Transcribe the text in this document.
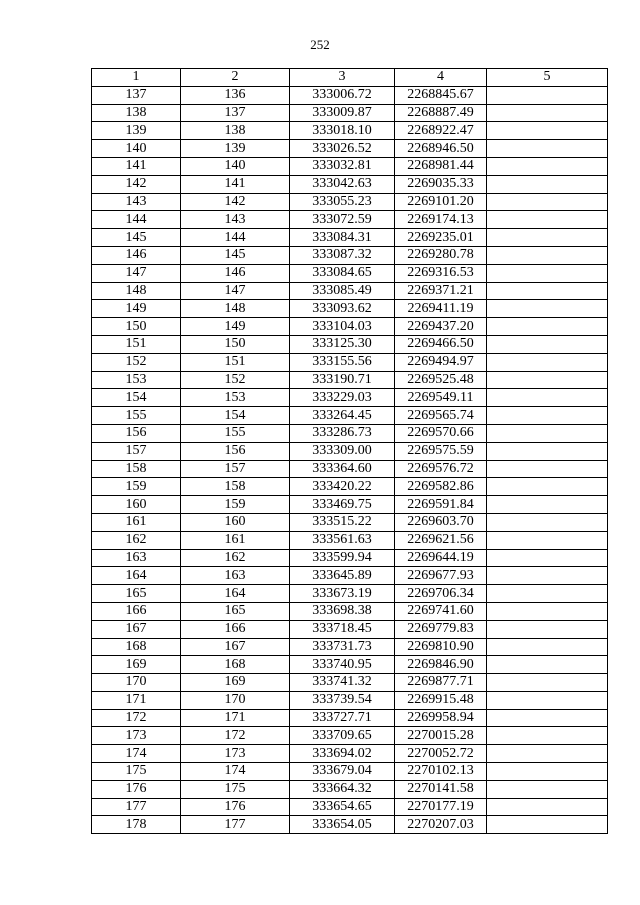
252
1	2	3	4	5
137	136	333006.72	2268845.67	
138	137	333009.87	2268887.49	
139	138	333018.10	2268922.47	
140	139	333026.52	2268946.50	
141	140	333032.81	2268981.44	
142	141	333042.63	2269035.33	
143	142	333055.23	2269101.20	
144	143	333072.59	2269174.13	
145	144	333084.31	2269235.01	
146	145	333087.32	2269280.78	
147	146	333084.65	2269316.53	
148	147	333085.49	2269371.21	
149	148	333093.62	2269411.19	
150	149	333104.03	2269437.20	
151	150	333125.30	2269466.50	
152	151	333155.56	2269494.97	
153	152	333190.71	2269525.48	
154	153	333229.03	2269549.11	
155	154	333264.45	2269565.74	
156	155	333286.73	2269570.66	
157	156	333309.00	2269575.59	
158	157	333364.60	2269576.72	
159	158	333420.22	2269582.86	
160	159	333469.75	2269591.84	
161	160	333515.22	2269603.70	
162	161	333561.63	2269621.56	
163	162	333599.94	2269644.19	
164	163	333645.89	2269677.93	
165	164	333673.19	2269706.34	
166	165	333698.38	2269741.60	
167	166	333718.45	2269779.83	
168	167	333731.73	2269810.90	
169	168	333740.95	2269846.90	
170	169	333741.32	2269877.71	
171	170	333739.54	2269915.48	
172	171	333727.71	2269958.94	
173	172	333709.65	2270015.28	
174	173	333694.02	2270052.72	
175	174	333679.04	2270102.13	
176	175	333664.32	2270141.58	
177	176	333654.65	2270177.19	
178	177	333654.05	2270207.03	
